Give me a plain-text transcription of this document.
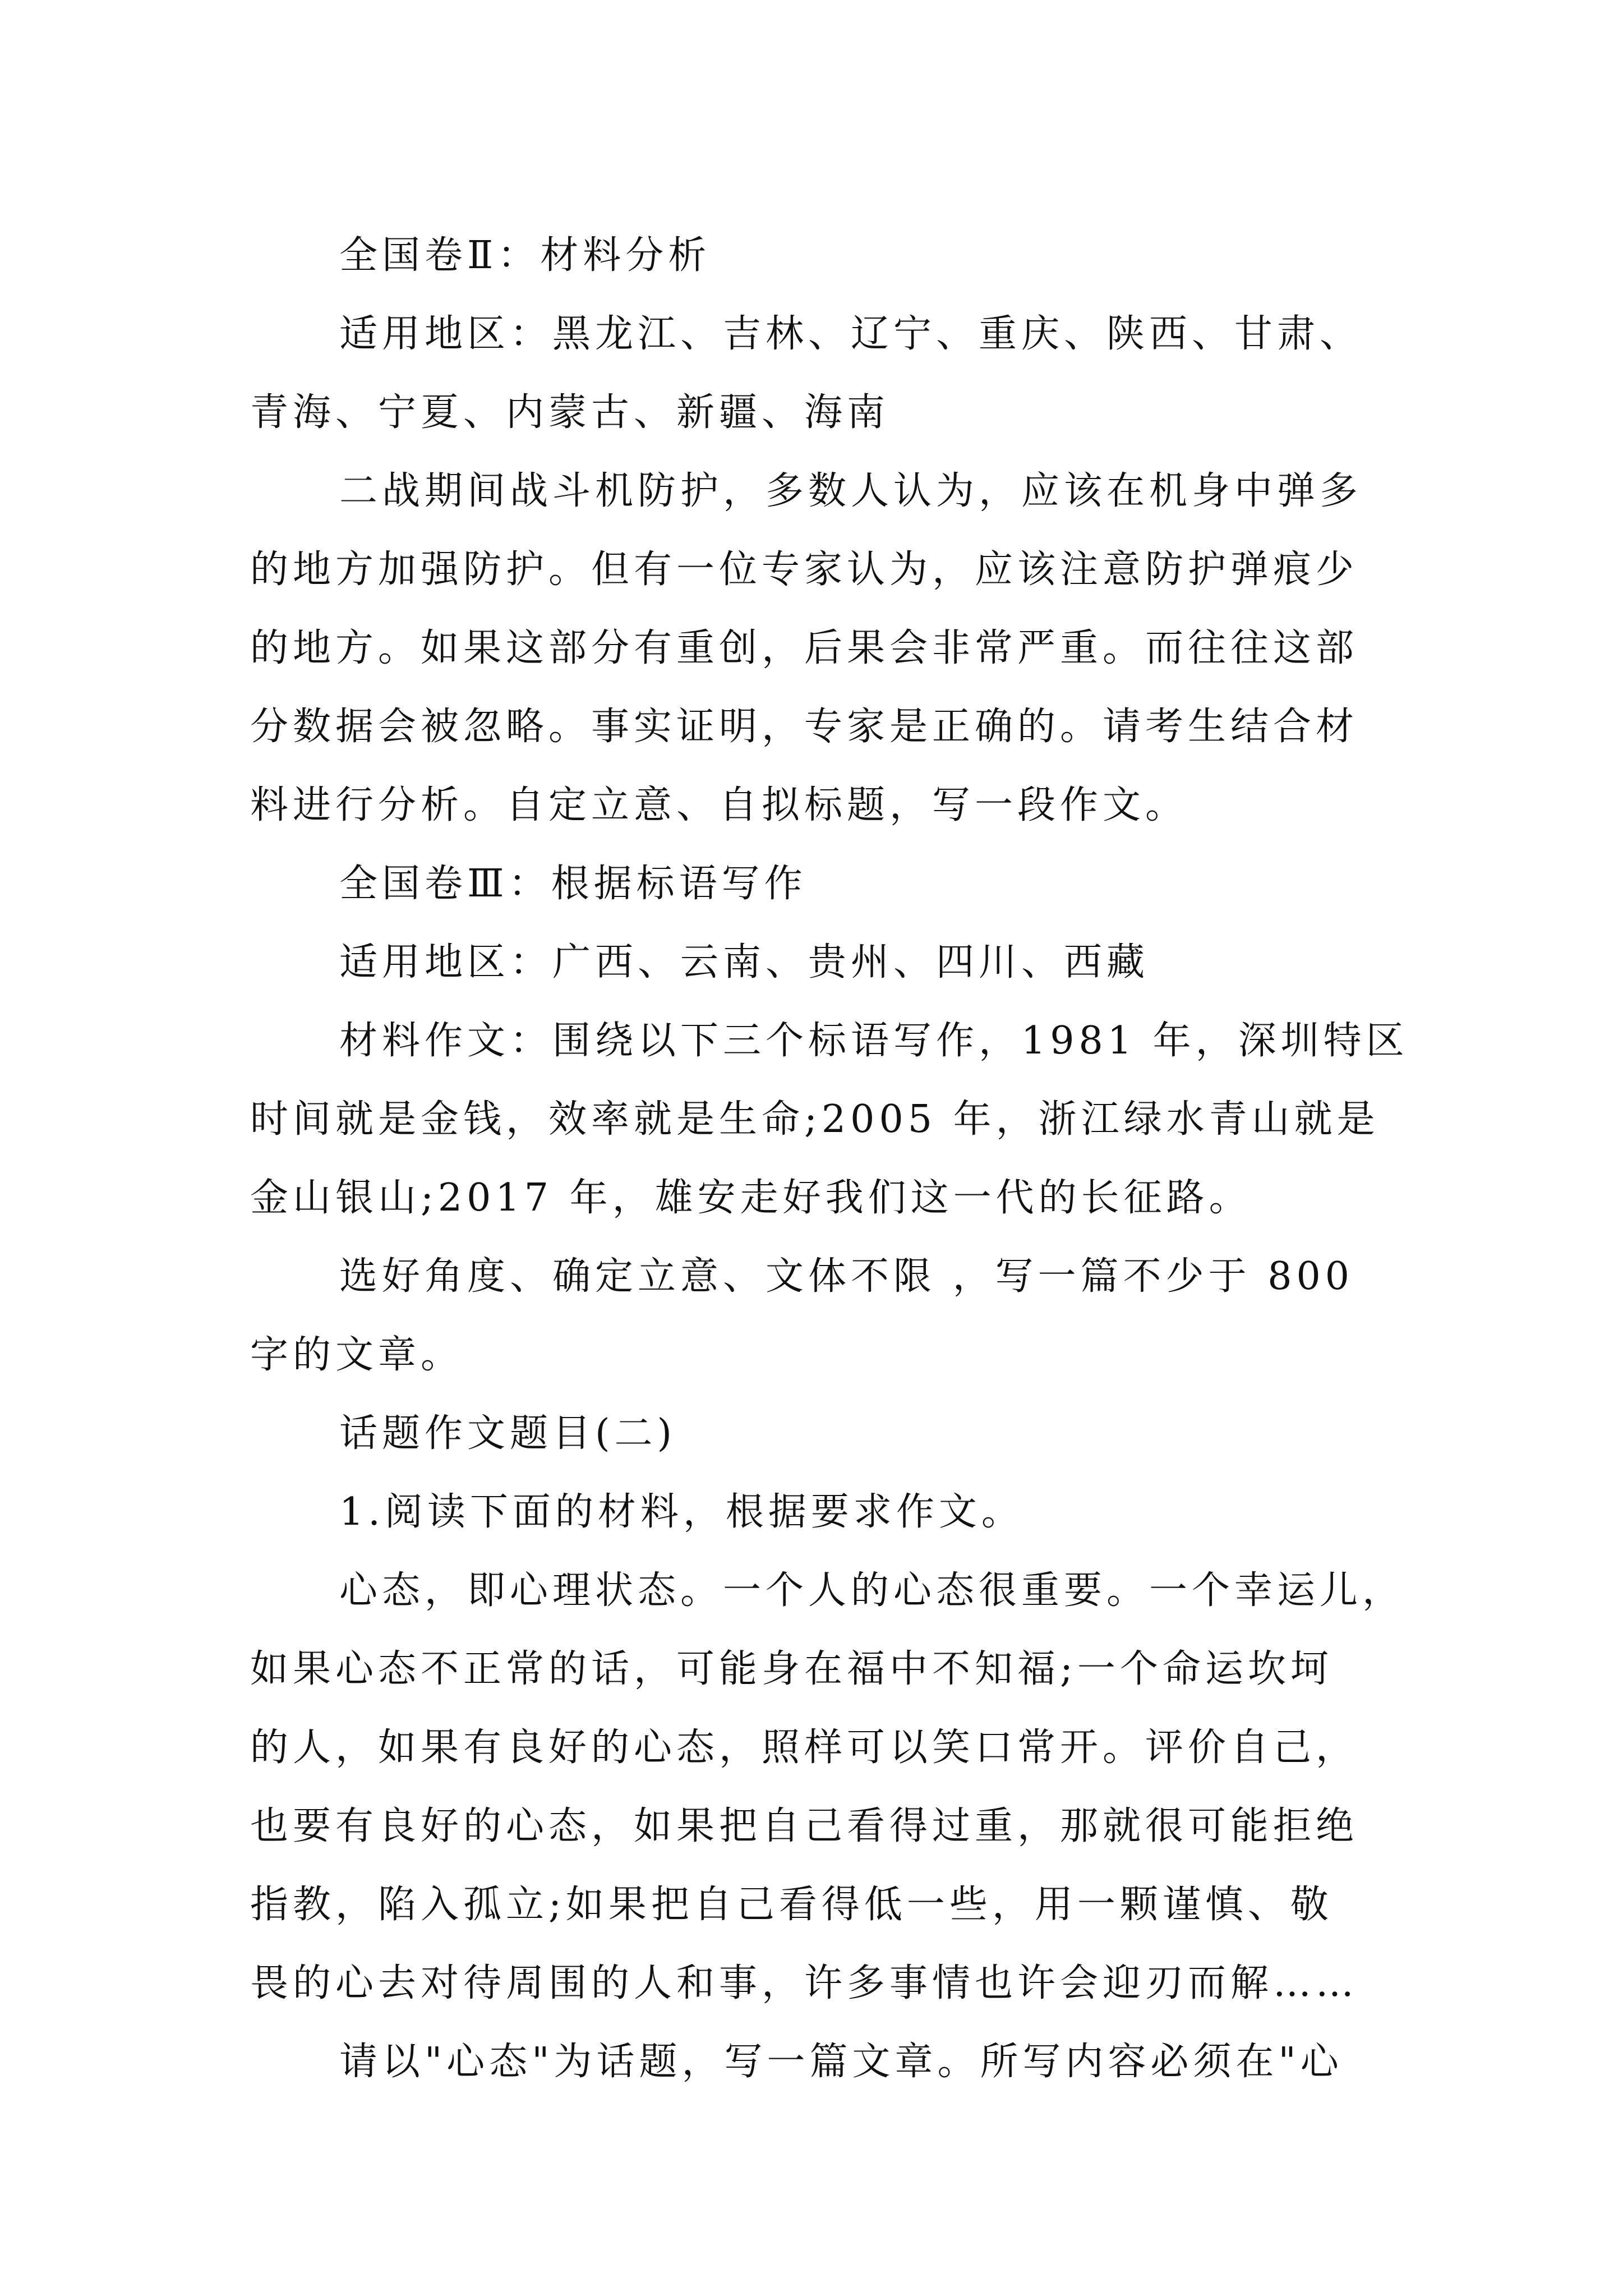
全国卷Ⅱ：材料分析

适用地区：黑龙江、吉林、辽宁、重庆、陕西、甘肃、

青海、宁夏、内蒙古、新疆、海南

二战期间战斗机防护，多数人认为，应该在机身中弹多

的地方加强防护。但有一位专家认为，应该注意防护弹痕少

的地方。如果这部分有重创，后果会非常严重。而往往这部

分数据会被忽略。事实证明，专家是正确的。请考生结合材

料进行分析。自定立意、自拟标题，写一段作文。

全国卷Ⅲ：根据标语写作

适用地区：广西、云南、贵州、四川、西藏

材料作文：围绕以下三个标语写作，1981 年，深圳特区

时间就是金钱，效率就是生命;2005 年，浙江绿水青山就是

金山银山;2017 年，雄安走好我们这一代的长征路。

选好角度、确定立意、文体不限 ，写一篇不少于 800

字的文章。

话题作文题目(二)

1.阅读下面的材料，根据要求作文。

心态，即心理状态。一个人的心态很重要。一个幸运儿，

如果心态不正常的话，可能身在福中不知福;一个命运坎坷

的人，如果有良好的心态，照样可以笑口常开。评价自己，

也要有良好的心态，如果把自己看得过重，那就很可能拒绝

指教，陷入孤立;如果把自己看得低一些，用一颗谨慎、敬

畏的心去对待周围的人和事，许多事情也许会迎刃而解……

请以"心态"为话题，写一篇文章。所写内容必须在"心
